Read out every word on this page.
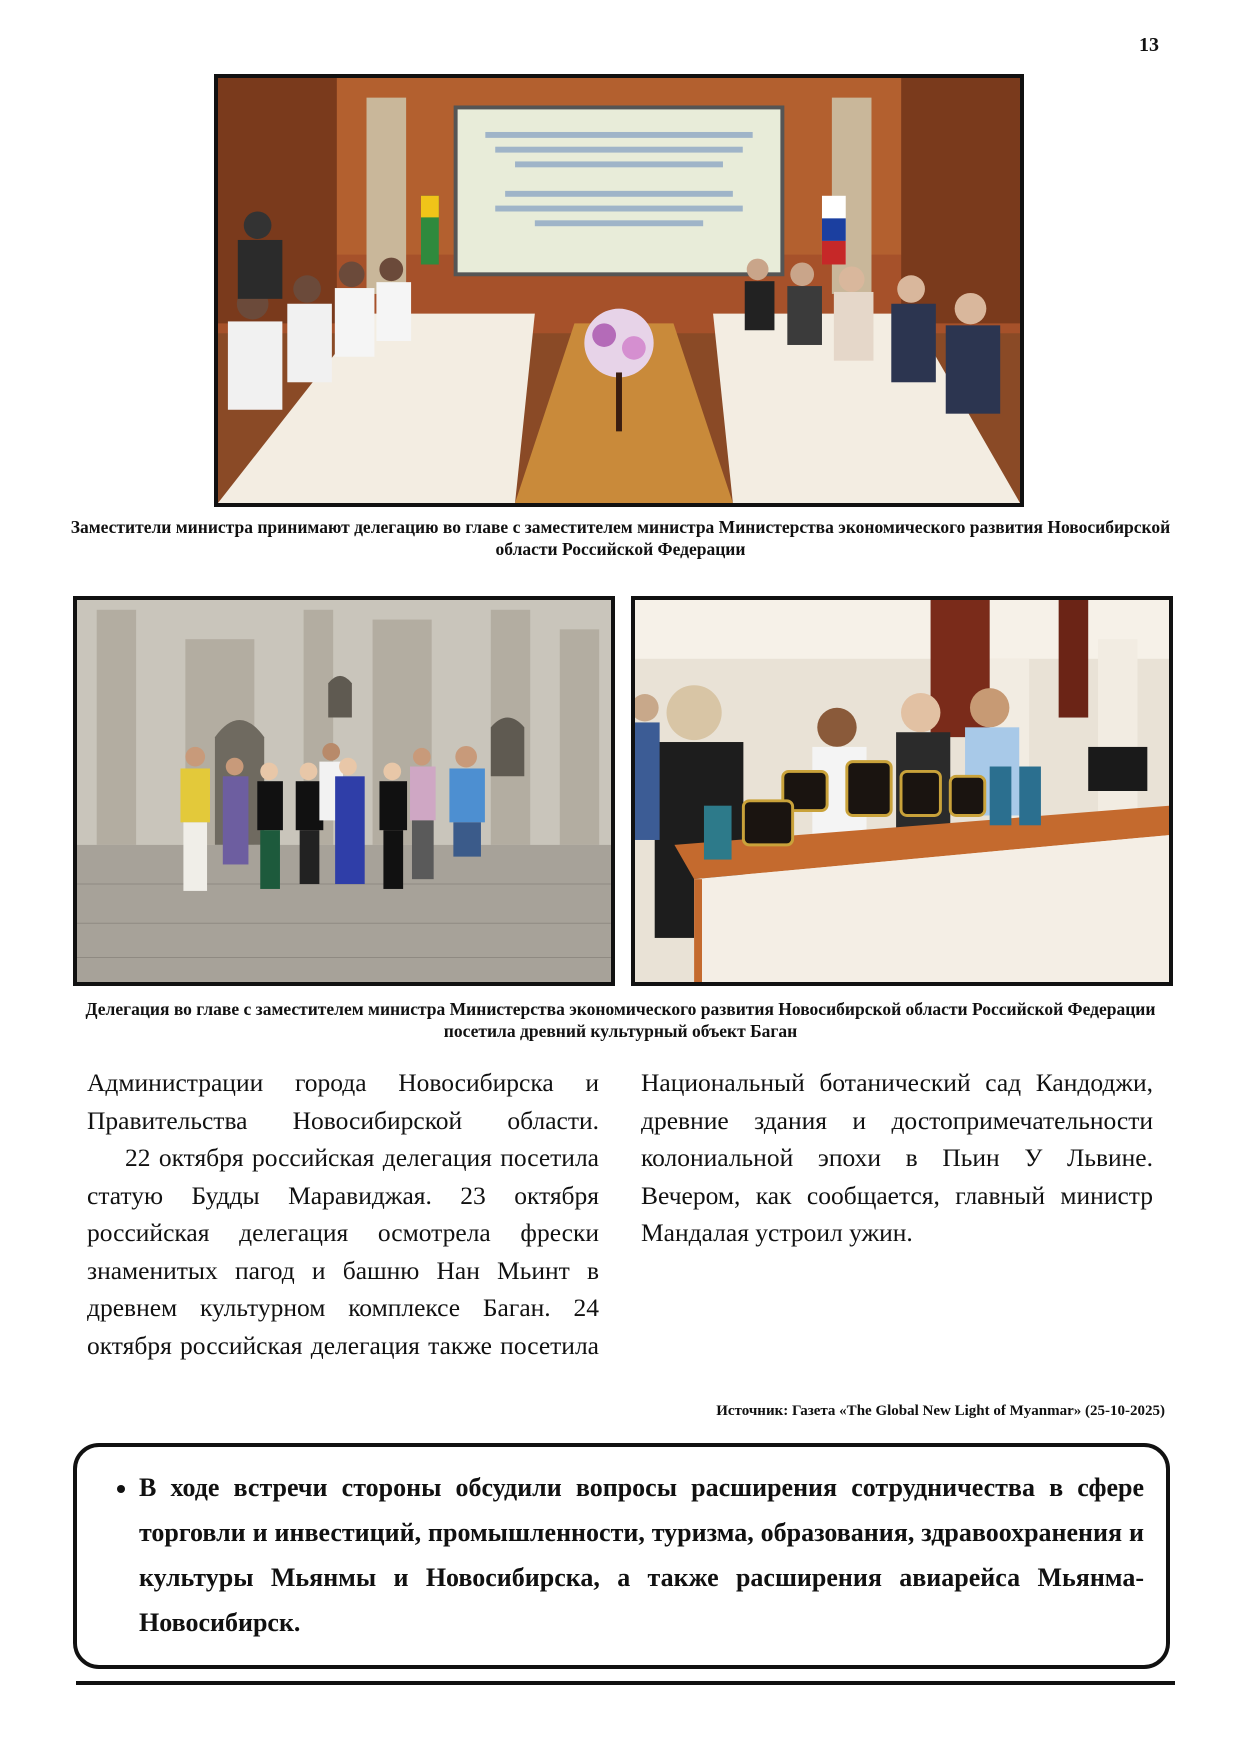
13
Заместители министра принимают делегацию во главе с заместителем министра Министерства экономического развития Новосибирской области Российской Федерации
Делегация во главе с заместителем министра Министерства экономического развития Новосибирской области Российской Федерации посетила древний культурный объект Баган

Администрации города Новосибирска и Правительства Новосибирской области.

22 октября российская делегация посетила статую Будды Маравиджая. 23 октября российская делегация осмотрела фрески знаменитых пагод и башню Нан Мьинт в древнем культурном комплексе Баган. 24 октября российская делегация также посетила

Национальный ботанический сад Кандоджи, древние здания и достопримечательности колониальной эпохи в Пьин У Львине. Вечером, как сообщается, главный министр Мандалая устроил ужин.

Источник: Газета «The Global New Light of Myanmar» (25-10-2025)
• В ходе встречи стороны обсудили вопросы расширения сотрудничества в сфере торговли и инвестиций, промышленности, туризма, образования, здравоохранения и культуры Мьянмы и Новосибирска, а также расширения авиарейса Мьянма-Новосибирск.
